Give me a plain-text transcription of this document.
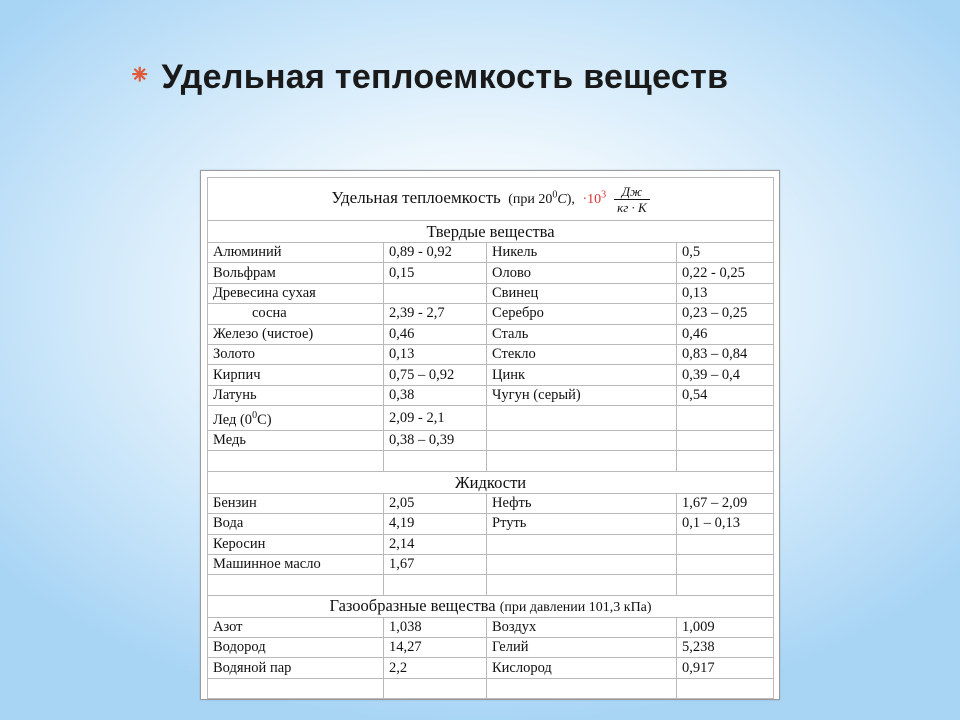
⁕ Удельная теплоемкость веществ
Удельная теплоемкость (при $20^0C$), $\cdot 10^3 \frac{Дж}{кг \cdot К}$

Твердые вещества			
Алюминий	0,89 - 0,92	Никель	0,5
Вольфрам	0,15	Олово	0,22 - 0,25
Древесина сухая		Свинец	0,13
сосна	2,39 - 2,7	Серебро	0,23 – 0,25
Железо (чистое)	0,46	Сталь	0,46
Золото	0,13	Стекло	0,83 – 0,84
Кирпич	0,75 – 0,92	Цинк	0,39 – 0,4
Латунь	0,38	Чугун (серый)	0,54
Лед $(0^0С)$	2,09 - 2,1		
Медь	0,38 – 0,39		

Жидкости			
Бензин	2,05	Нефть	1,67 – 2,09
Вода	4,19	Ртуть	0,1 – 0,13
Керосин	2,14		
Машинное масло	1,67		

Газообразные вещества (при давлении 101,3 кПа)			
Азот	1,038	Воздух	1,009
Водород	14,27	Гелий	5,238
Водяной пар	2,2	Кислород	0,917
